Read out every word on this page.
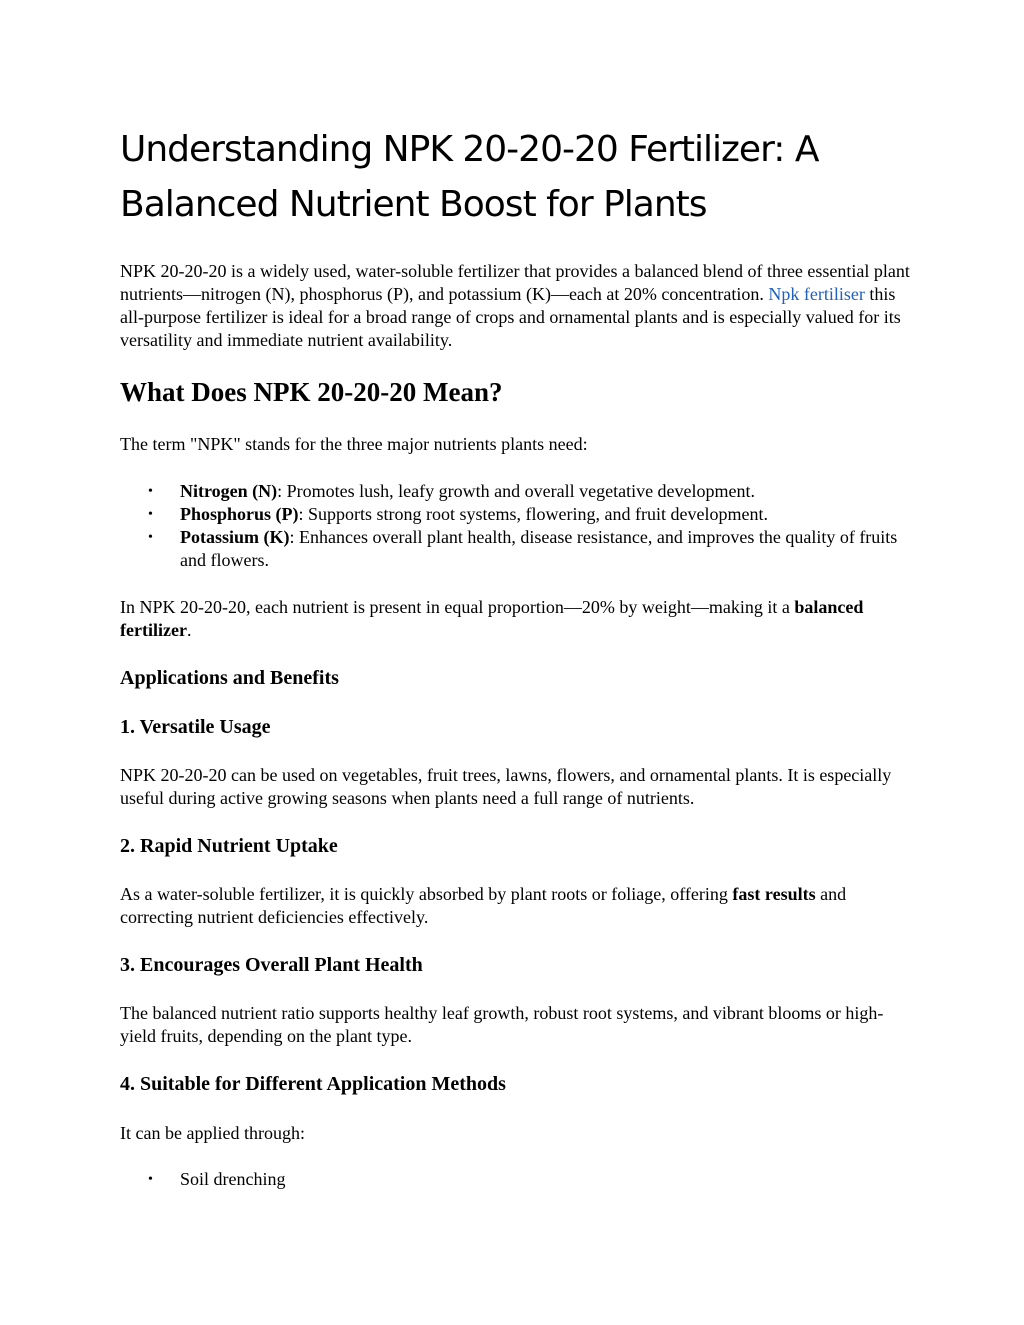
Understanding NPK 20-20-20 Fertilizer: A Balanced Nutrient Boost for Plants

NPK 20-20-20 is a widely used, water-soluble fertilizer that provides a balanced blend of three essential plant nutrients—nitrogen (N), phosphorus (P), and potassium (K)—each at 20% concentration. Npk fertiliser this all-purpose fertilizer is ideal for a broad range of crops and ornamental plants and is especially valued for its versatility and immediate nutrient availability.

What Does NPK 20-20-20 Mean?

The term "NPK" stands for the three major nutrients plants need:

• Nitrogen (N): Promotes lush, leafy growth and overall vegetative development.
• Phosphorus (P): Supports strong root systems, flowering, and fruit development.
• Potassium (K): Enhances overall plant health, disease resistance, and improves the quality of fruits and flowers.

In NPK 20-20-20, each nutrient is present in equal proportion—20% by weight—making it a balanced fertilizer.

Applications and Benefits
1. Versatile Usage

NPK 20-20-20 can be used on vegetables, fruit trees, lawns, flowers, and ornamental plants. It is especially useful during active growing seasons when plants need a full range of nutrients.

2. Rapid Nutrient Uptake

As a water-soluble fertilizer, it is quickly absorbed by plant roots or foliage, offering fast results and correcting nutrient deficiencies effectively.

3. Encourages Overall Plant Health

The balanced nutrient ratio supports healthy leaf growth, robust root systems, and vibrant blooms or high-yield fruits, depending on the plant type.

4. Suitable for Different Application Methods

It can be applied through:

• Soil drenching
